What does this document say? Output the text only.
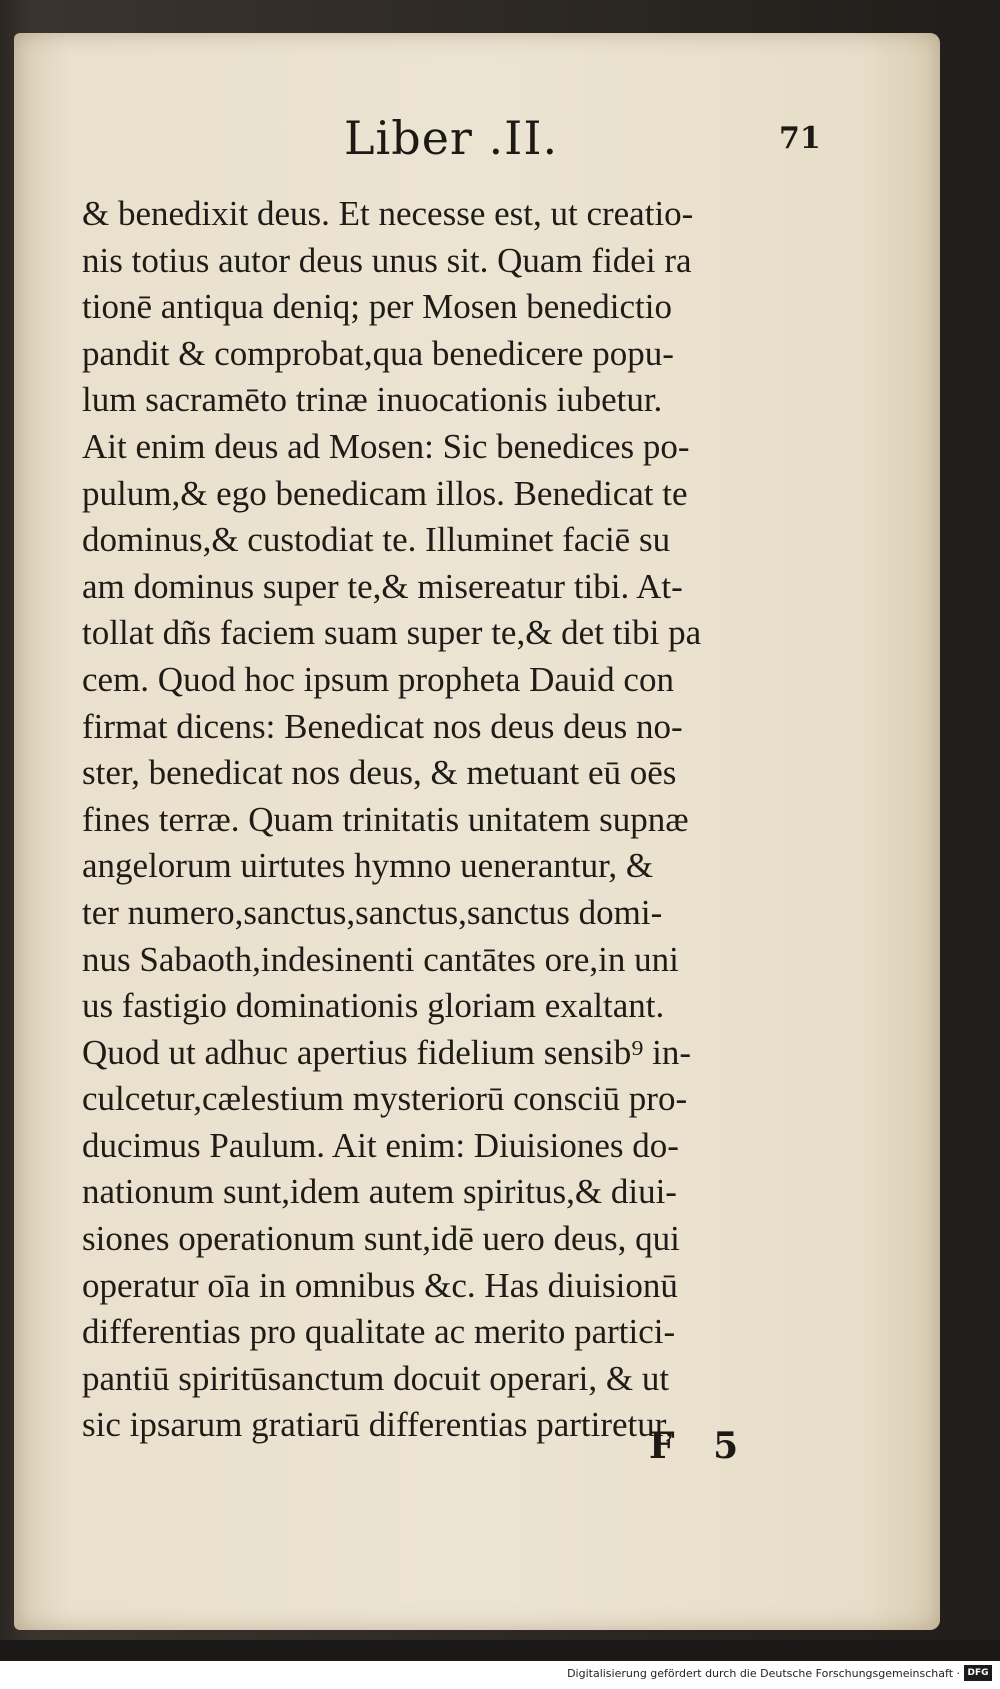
Liber .II.	71
& benedixit deus. Et necesse est, ut creatio-
nis totius autor deus unus sit. Quam fidei ra
tionē antiqua deniq; per Mosen benedictio
pandit & comprobat,qua benedicere popu-
lum sacramēto trinæ inuocationis iubetur.
Ait enim deus ad Mosen: Sic benedices po-
pulum,& ego benedicam illos. Benedicat te
dominus,& custodiat te. Illuminet faciē su
am dominus super te,& misereatur tibi. At-
tollat dñs faciem suam super te,& det tibi pa
cem. Quod hoc ipsum propheta Dauid con
firmat dicens: Benedicat nos deus deus no-
ster, benedicat nos deus, & metuant eū oēs
fines terræ. Quam trinitatis unitatem supnæ
angelorum uirtutes hymno uenerantur, &
ter numero,sanctus,sanctus,sanctus domi-
nus Sabaoth,indesinenti cantātes ore,in uni
us fastigio dominationis gloriam exaltant.
Quod ut adhuc apertius fidelium sensib⁹ in-
culcetur,cælestium mysteriorū consciū pro-
ducimus Paulum. Ait enim: Diuisiones do-
nationum sunt,idem autem spiritus,& diui-
siones operationum sunt,idē uero deus, qui
operatur oīa in omnibus &c. Has diuisionū
differentias pro qualitate ac merito partici-
pantiū spiritūsanctum docuit operari, & ut
sic ipsarum gratiarū differentias partiretur,
F 5
Digitalisierung gefördert durch die Deutsche Forschungsgemeinschaft · DFG
